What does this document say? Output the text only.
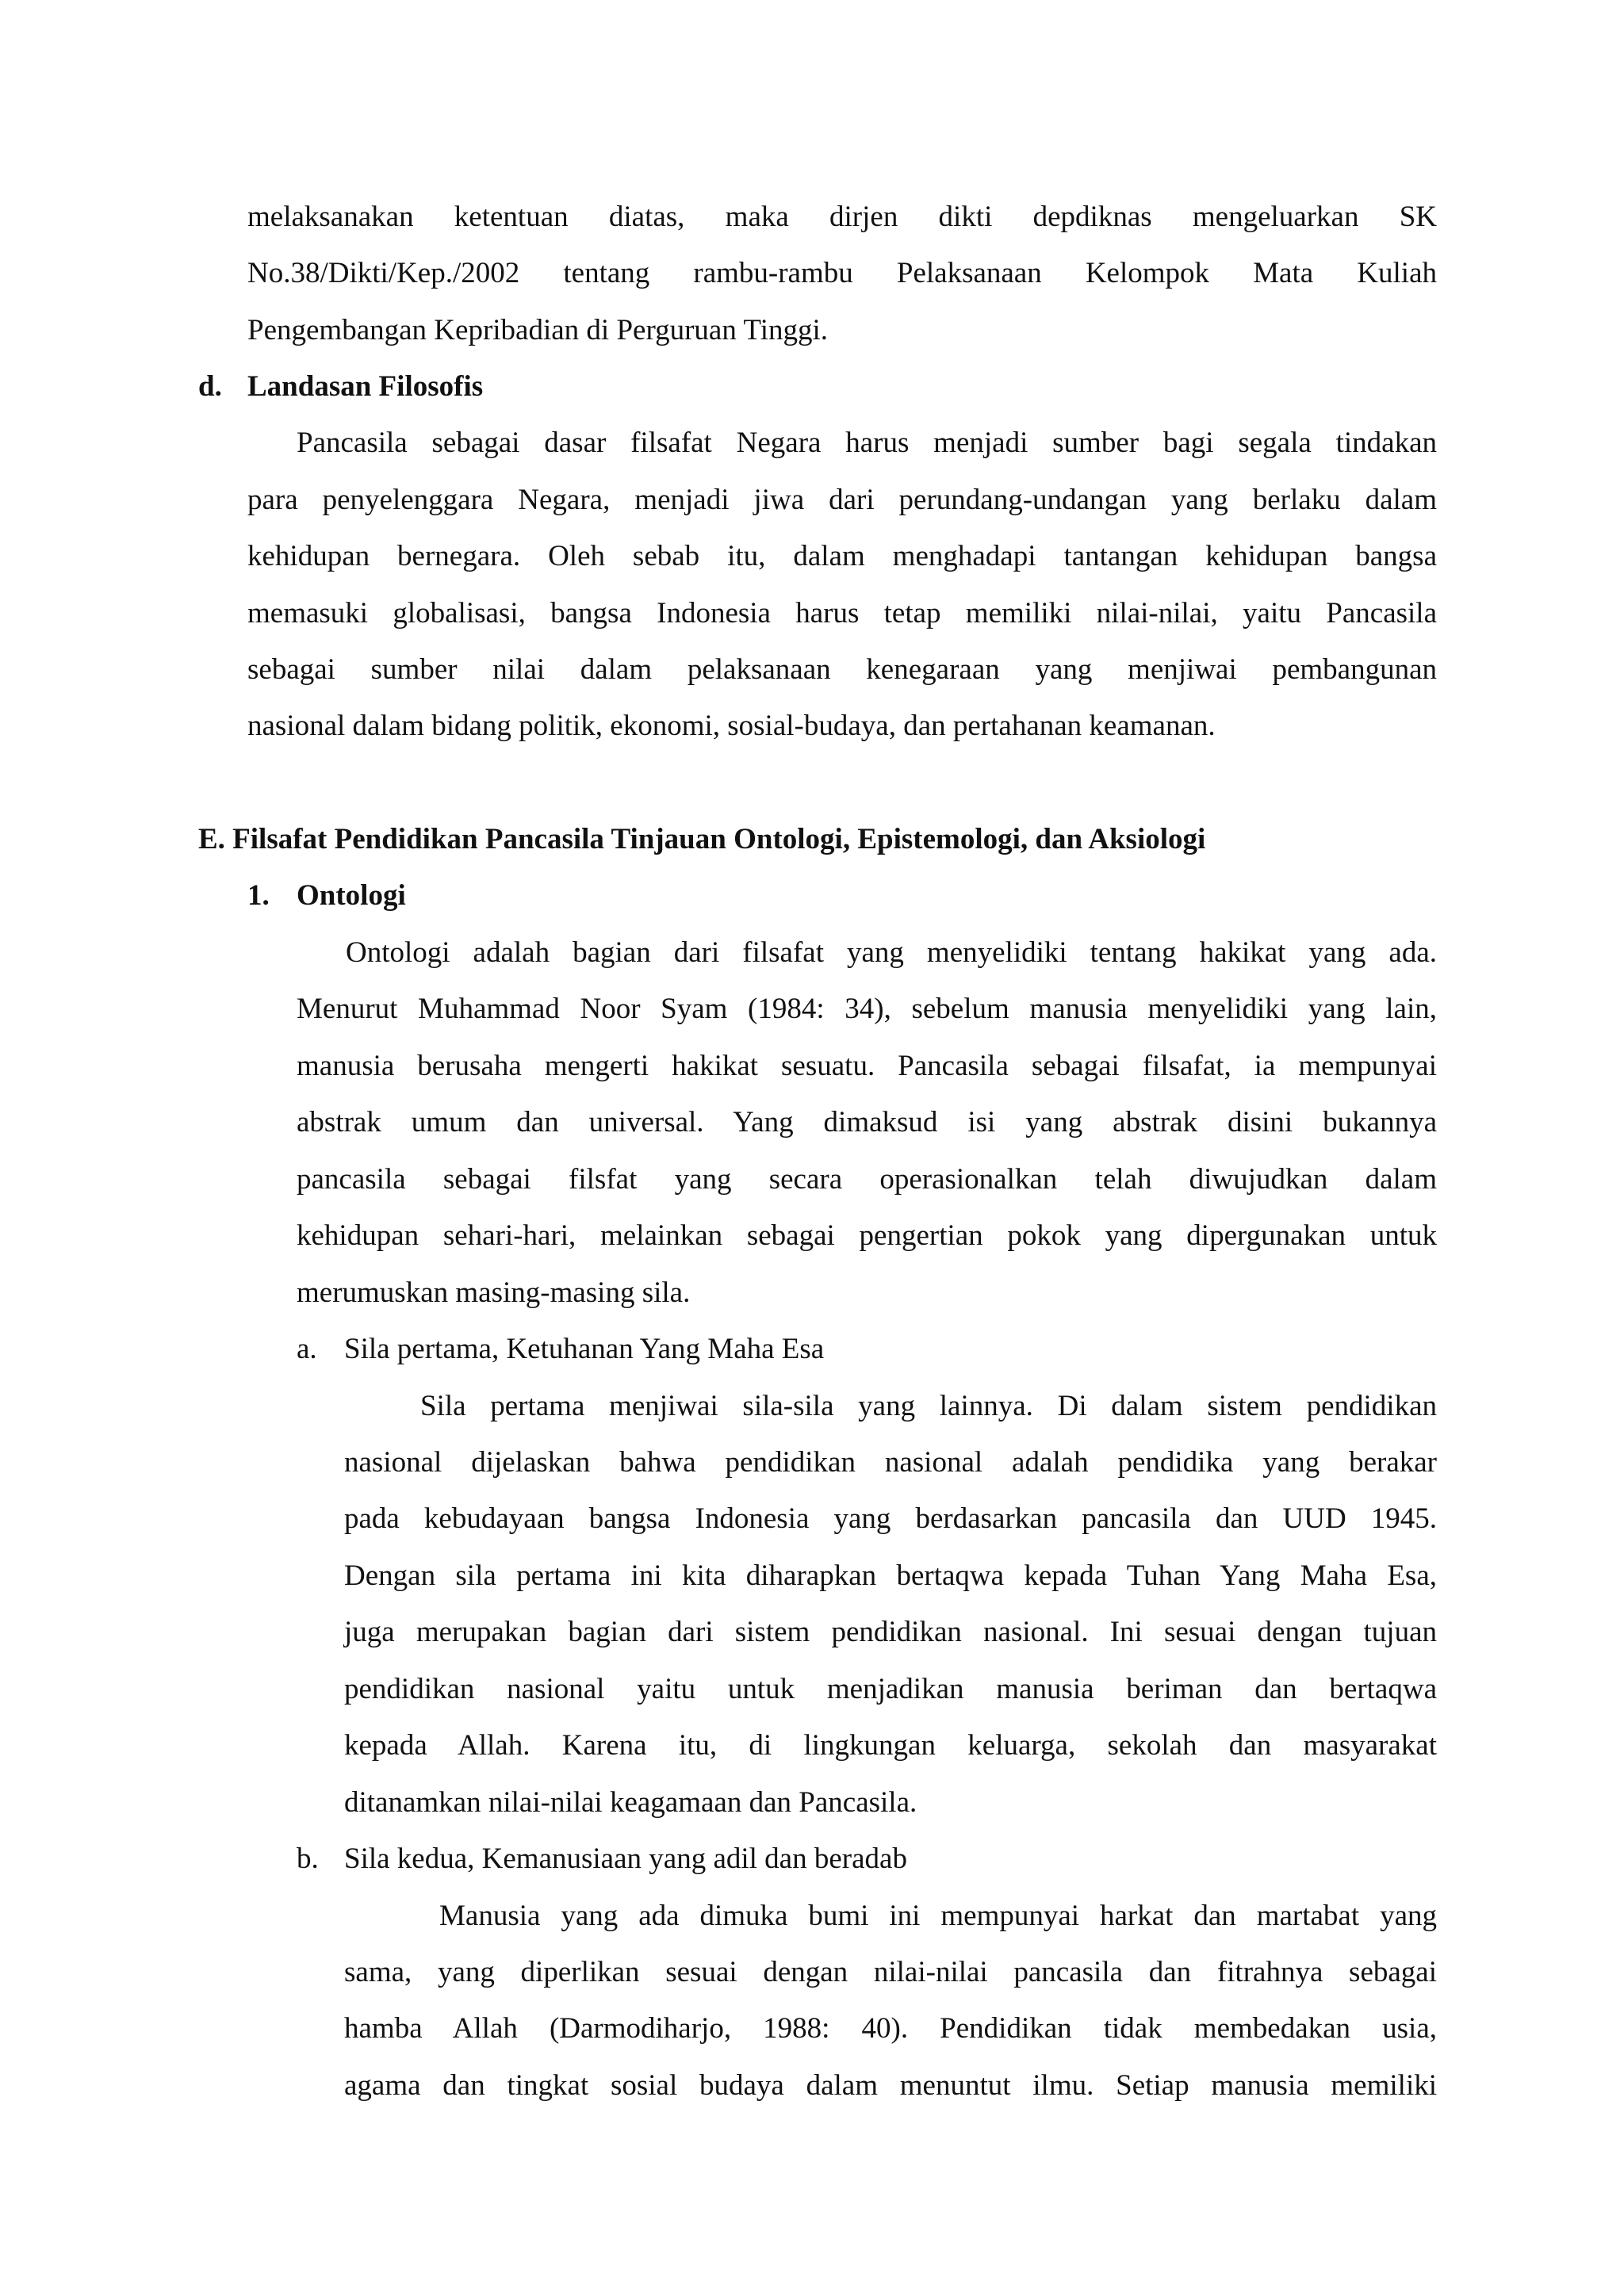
melaksanakan ketentuan diatas, maka dirjen dikti depdiknas mengeluarkan SK
No.38/Dikti/Kep./2002 tentang rambu-rambu Pelaksanaan Kelompok Mata Kuliah
Pengembangan Kepribadian di Perguruan Tinggi.
d. Landasan Filosofis
Pancasila sebagai dasar filsafat Negara harus menjadi sumber bagi segala tindakan
para penyelenggara Negara, menjadi jiwa dari perundang-undangan yang berlaku dalam
kehidupan bernegara. Oleh sebab itu, dalam menghadapi tantangan kehidupan bangsa
memasuki globalisasi, bangsa Indonesia harus tetap memiliki nilai-nilai, yaitu Pancasila
sebagai sumber nilai dalam pelaksanaan kenegaraan yang menjiwai pembangunan
nasional dalam bidang politik, ekonomi, sosial-budaya, dan pertahanan keamanan.
E. Filsafat Pendidikan Pancasila Tinjauan Ontologi, Epistemologi, dan Aksiologi
1. Ontologi
Ontologi adalah bagian dari filsafat yang menyelidiki tentang hakikat yang ada.
Menurut Muhammad Noor Syam (1984: 34), sebelum manusia menyelidiki yang lain,
manusia berusaha mengerti hakikat sesuatu. Pancasila sebagai filsafat, ia mempunyai
abstrak umum dan universal. Yang dimaksud isi yang abstrak disini bukannya
pancasila sebagai filsfat yang secara operasionalkan telah diwujudkan dalam
kehidupan sehari-hari, melainkan sebagai pengertian pokok yang dipergunakan untuk
merumuskan masing-masing sila.
a. Sila pertama, Ketuhanan Yang Maha Esa
Sila pertama menjiwai sila-sila yang lainnya. Di dalam sistem pendidikan
nasional dijelaskan bahwa pendidikan nasional adalah pendidika yang berakar
pada kebudayaan bangsa Indonesia yang berdasarkan pancasila dan UUD 1945.
Dengan sila pertama ini kita diharapkan bertaqwa kepada Tuhan Yang Maha Esa,
juga merupakan bagian dari sistem pendidikan nasional. Ini sesuai dengan tujuan
pendidikan nasional yaitu untuk menjadikan manusia beriman dan bertaqwa
kepada Allah. Karena itu, di lingkungan keluarga, sekolah dan masyarakat
ditanamkan nilai-nilai keagamaan dan Pancasila.
b. Sila kedua, Kemanusiaan yang adil dan beradab
Manusia yang ada dimuka bumi ini mempunyai harkat dan martabat yang
sama, yang diperlikan sesuai dengan nilai-nilai pancasila dan fitrahnya sebagai
hamba Allah (Darmodiharjo, 1988: 40). Pendidikan tidak membedakan usia,
agama dan tingkat sosial budaya dalam menuntut ilmu. Setiap manusia memiliki
